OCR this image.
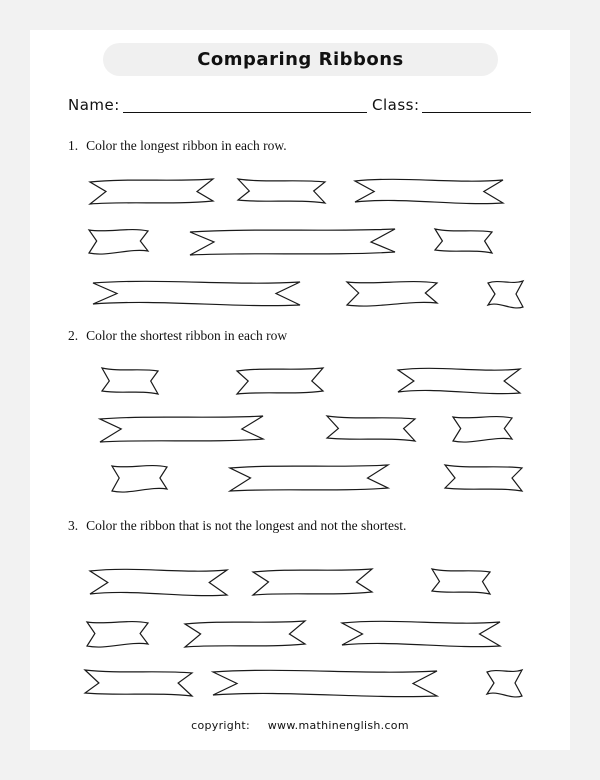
Comparing Ribbons
Name:	Class:
1. Color the longest ribbon in each row.
2. Color the shortest ribbon in each row
3. Color the ribbon that is not the longest and not the shortest.
copyright: www.mathinenglish.com
